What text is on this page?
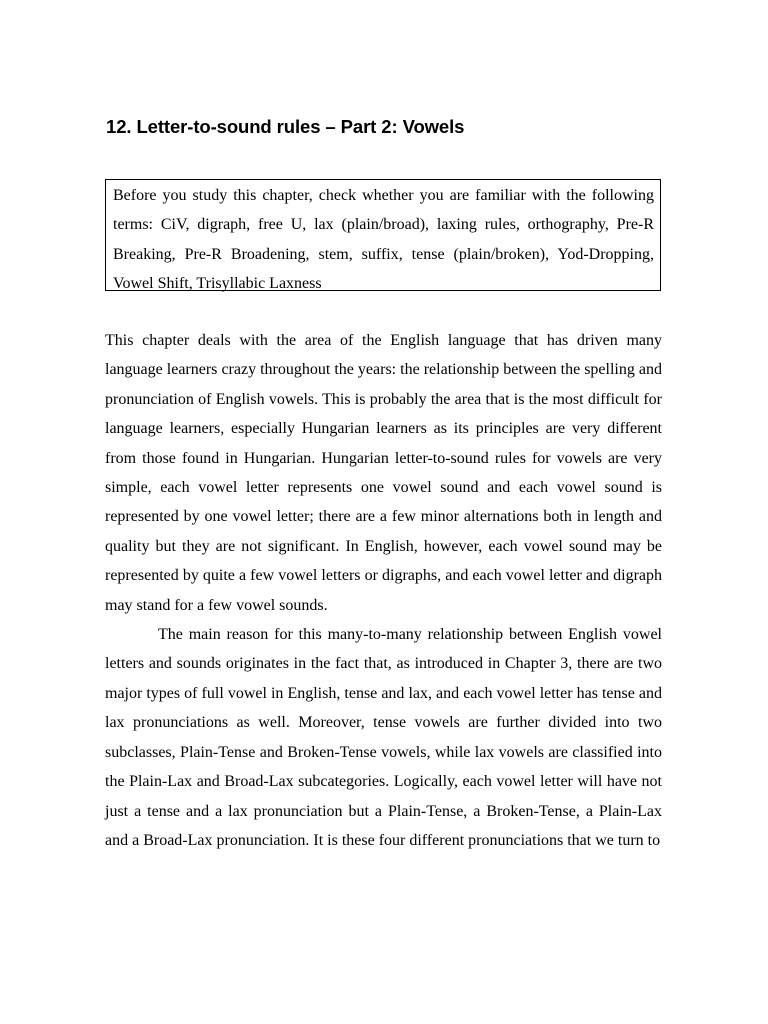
12. Letter-to-sound rules – Part 2: Vowels
Before you study this chapter, check whether you are familiar with the following terms: CiV, digraph, free U, lax (plain/broad), laxing rules, orthography, Pre-R Breaking, Pre-R Broadening, stem, suffix, tense (plain/broken), Yod-Dropping, Vowel Shift, Trisyllabic Laxness

This chapter deals with the area of the English language that has driven many language learners crazy throughout the years: the relationship between the spelling and pronunciation of English vowels. This is probably the area that is the most difficult for language learners, especially Hungarian learners as its principles are very different from those found in Hungarian. Hungarian letter-to-sound rules for vowels are very simple, each vowel letter represents one vowel sound and each vowel sound is represented by one vowel letter; there are a few minor alternations both in length and quality but they are not significant. In English, however, each vowel sound may be represented by quite a few vowel letters or digraphs, and each vowel letter and digraph may stand for a few vowel sounds.

The main reason for this many-to-many relationship between English vowel letters and sounds originates in the fact that, as introduced in Chapter 3, there are two major types of full vowel in English, tense and lax, and each vowel letter has tense and lax pronunciations as well. Moreover, tense vowels are further divided into two subclasses, Plain-Tense and Broken-Tense vowels, while lax vowels are classified into the Plain-Lax and Broad-Lax subcategories. Logically, each vowel letter will have not just a tense and a lax pronunciation but a Plain-Tense, a Broken-Tense, a Plain-Lax and a Broad-Lax pronunciation. It is these four different pronunciations that we turn to
